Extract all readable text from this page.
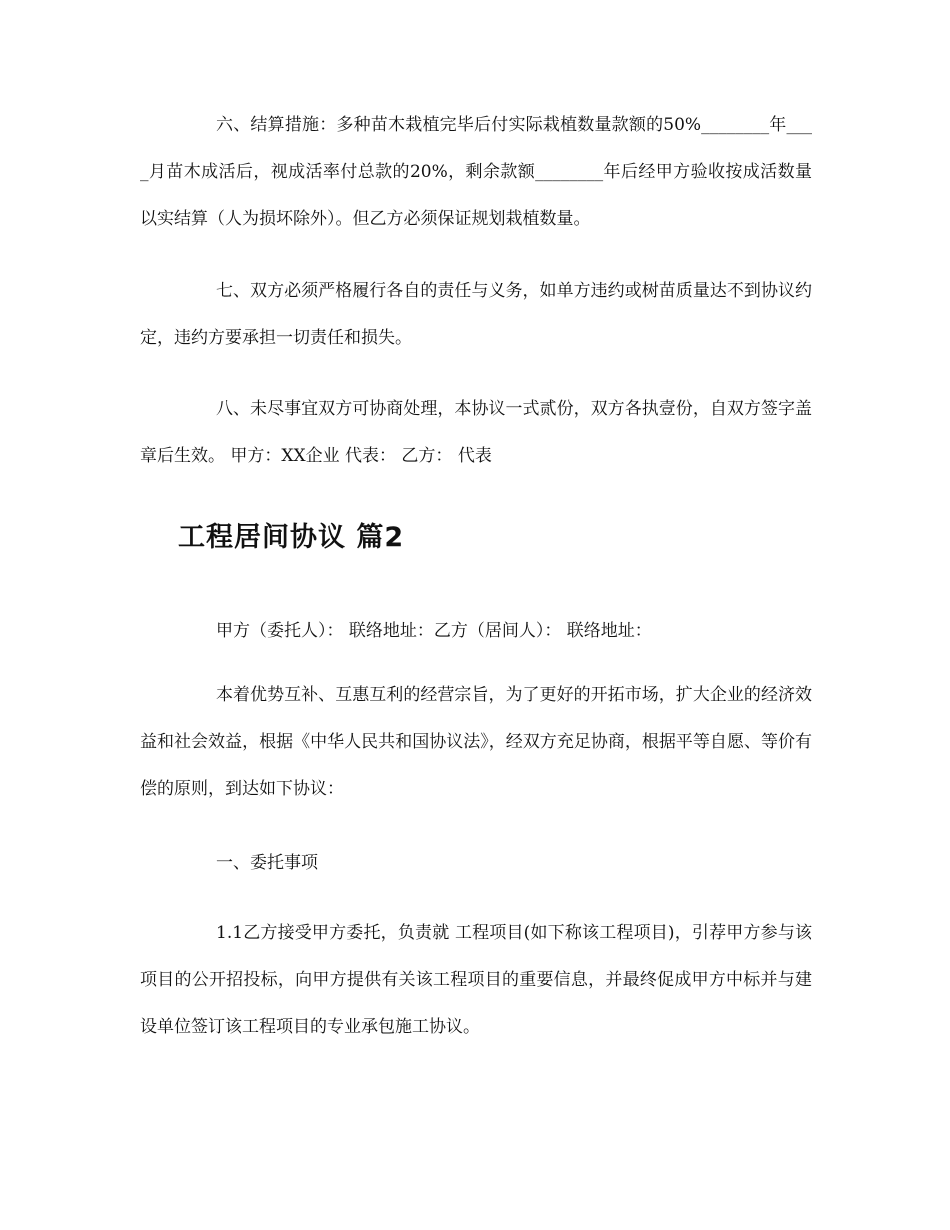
六、结算措施：多种苗木栽植完毕后付实际栽植数量款额的50%________年____月苗木成活后，视成活率付总款的20%，剩余款额________年后经甲方验收按成活数量以实结算（人为损坏除外）。但乙方必须保证规划栽植数量。

七、双方必须严格履行各自的责任与义务，如单方违约或树苗质量达不到协议约定，违约方要承担一切责任和损失。

八、未尽事宜双方可协商处理，本协议一式贰份，双方各执壹份，自双方签字盖章后生效。 甲方：XX企业 代表： 乙方： 代表

工程居间协议 篇2

甲方（委托人）： 联络地址：乙方（居间人）： 联络地址：

本着优势互补、互惠互利的经营宗旨，为了更好的开拓市场，扩大企业的经济效益和社会效益，根据《中华人民共和国协议法》，经双方充足协商，根据平等自愿、等价有偿的原则，到达如下协议：

一、委托事项

1.1乙方接受甲方委托，负责就 工程项目(如下称该工程项目)，引荐甲方参与该项目的公开招投标，向甲方提供有关该工程项目的重要信息，并最终促成甲方中标并与建设单位签订该工程项目的专业承包施工协议。
